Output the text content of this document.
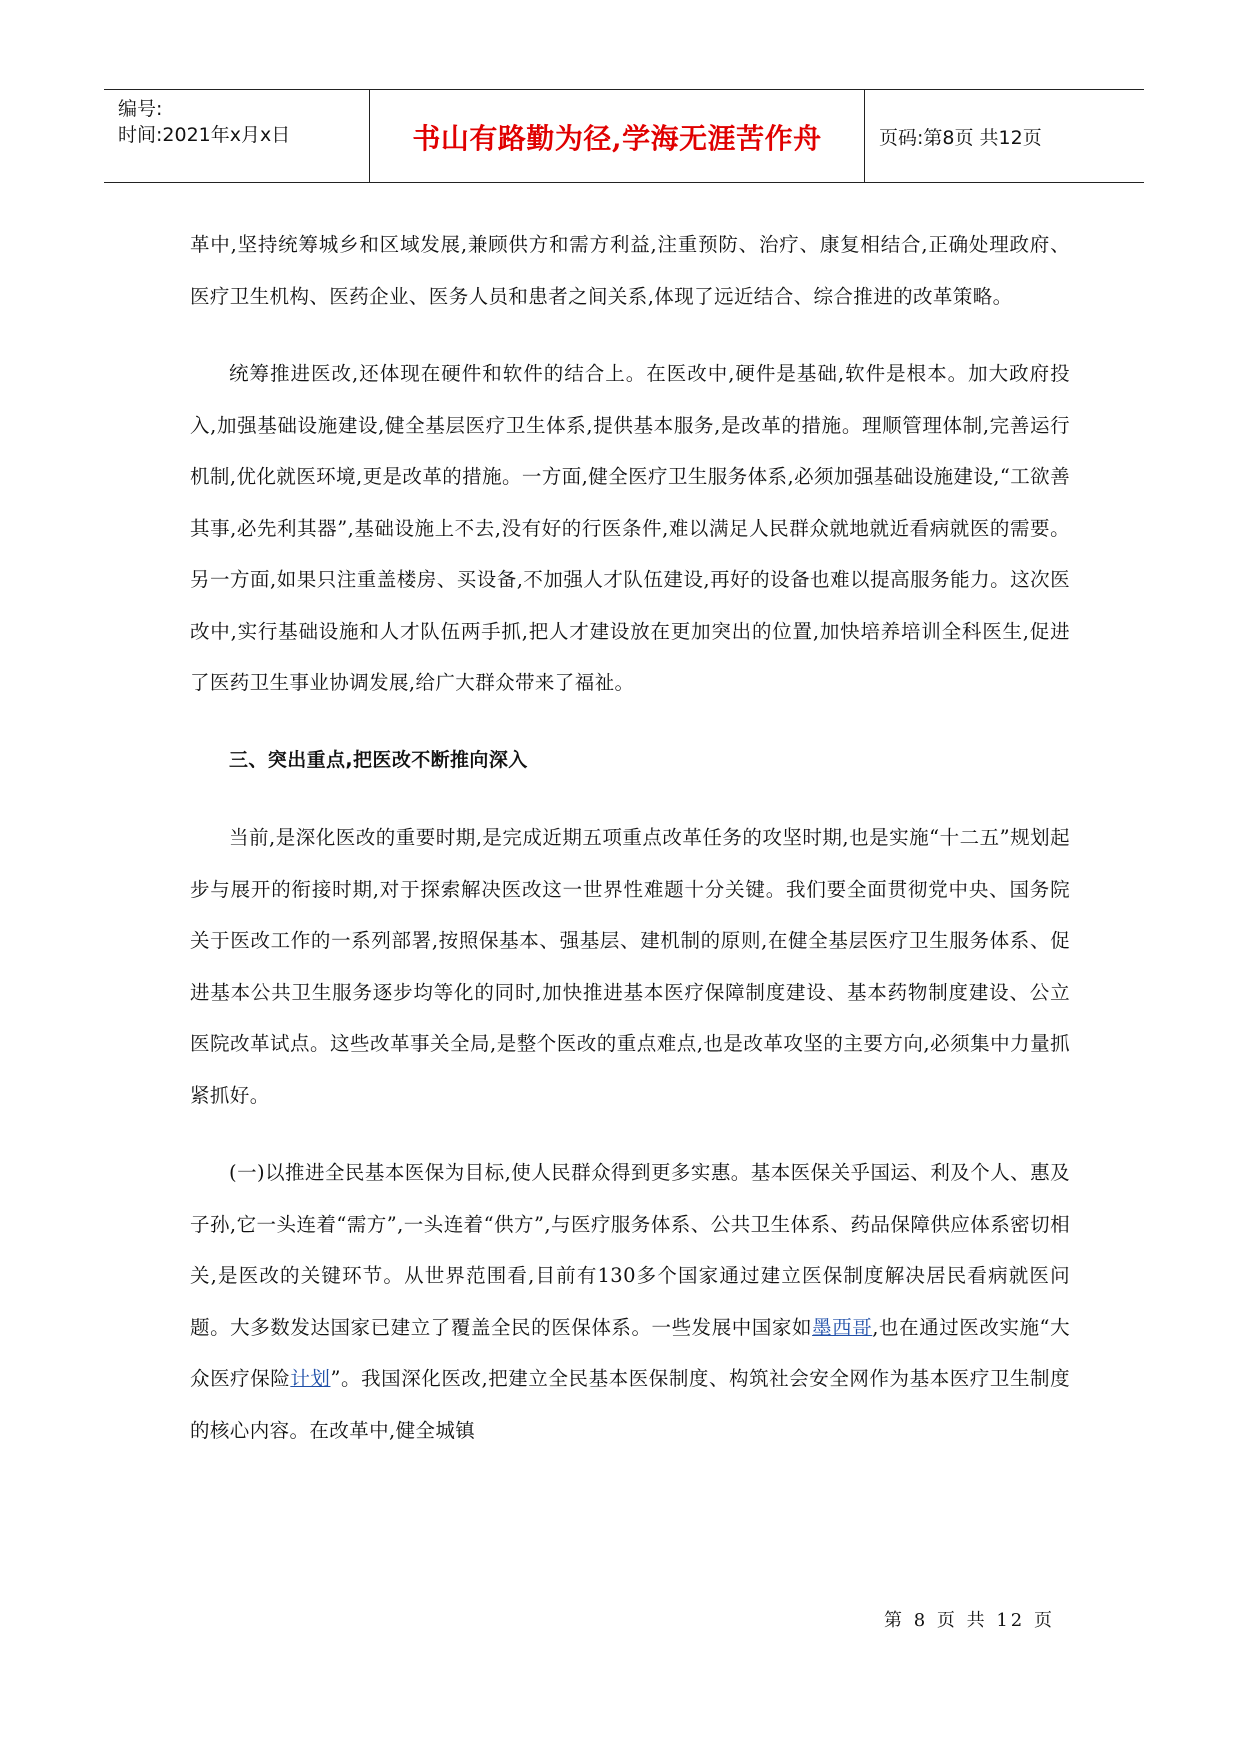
编号:
时间:2021年x月x日	书山有路勤为径,学海无涯苦作舟	页码:第8页 共12页

革中,坚持统筹城乡和区域发展,兼顾供方和需方利益,注重预防、治疗、康复相结合,正确处理政府、医疗卫生机构、医药企业、医务人员和患者之间关系,体现了远近结合、综合推进的改革策略。

统筹推进医改,还体现在硬件和软件的结合上。在医改中,硬件是基础,软件是根本。加大政府投入,加强基础设施建设,健全基层医疗卫生体系,提供基本服务,是改革的措施。理顺管理体制,完善运行机制,优化就医环境,更是改革的措施。一方面,健全医疗卫生服务体系,必须加强基础设施建设,“工欲善其事,必先利其器”,基础设施上不去,没有好的行医条件,难以满足人民群众就地就近看病就医的需要。另一方面,如果只注重盖楼房、买设备,不加强人才队伍建设,再好的设备也难以提高服务能力。这次医改中,实行基础设施和人才队伍两手抓,把人才建设放在更加突出的位置,加快培养培训全科医生,促进了医药卫生事业协调发展,给广大群众带来了福祉。

三、突出重点,把医改不断推向深入

当前,是深化医改的重要时期,是完成近期五项重点改革任务的攻坚时期,也是实施“十二五”规划起步与展开的衔接时期,对于探索解决医改这一世界性难题十分关键。我们要全面贯彻党中央、国务院关于医改工作的一系列部署,按照保基本、强基层、建机制的原则,在健全基层医疗卫生服务体系、促进基本公共卫生服务逐步均等化的同时,加快推进基本医疗保障制度建设、基本药物制度建设、公立医院改革试点。这些改革事关全局,是整个医改的重点难点,也是改革攻坚的主要方向,必须集中力量抓紧抓好。

(一)以推进全民基本医保为目标,使人民群众得到更多实惠。基本医保关乎国运、利及个人、惠及子孙,它一头连着“需方”,一头连着“供方”,与医疗服务体系、公共卫生体系、药品保障供应体系密切相关,是医改的关键环节。从世界范围看,目前有130多个国家通过建立医保制度解决居民看病就医问题。大多数发达国家已建立了覆盖全民的医保体系。一些发展中国家如墨西哥,也在通过医改实施“大众医疗保险计划”。我国深化医改,把建立全民基本医保制度、构筑社会安全网作为基本医疗卫生制度的核心内容。在改革中,健全城镇

第 8 页 共 12 页
